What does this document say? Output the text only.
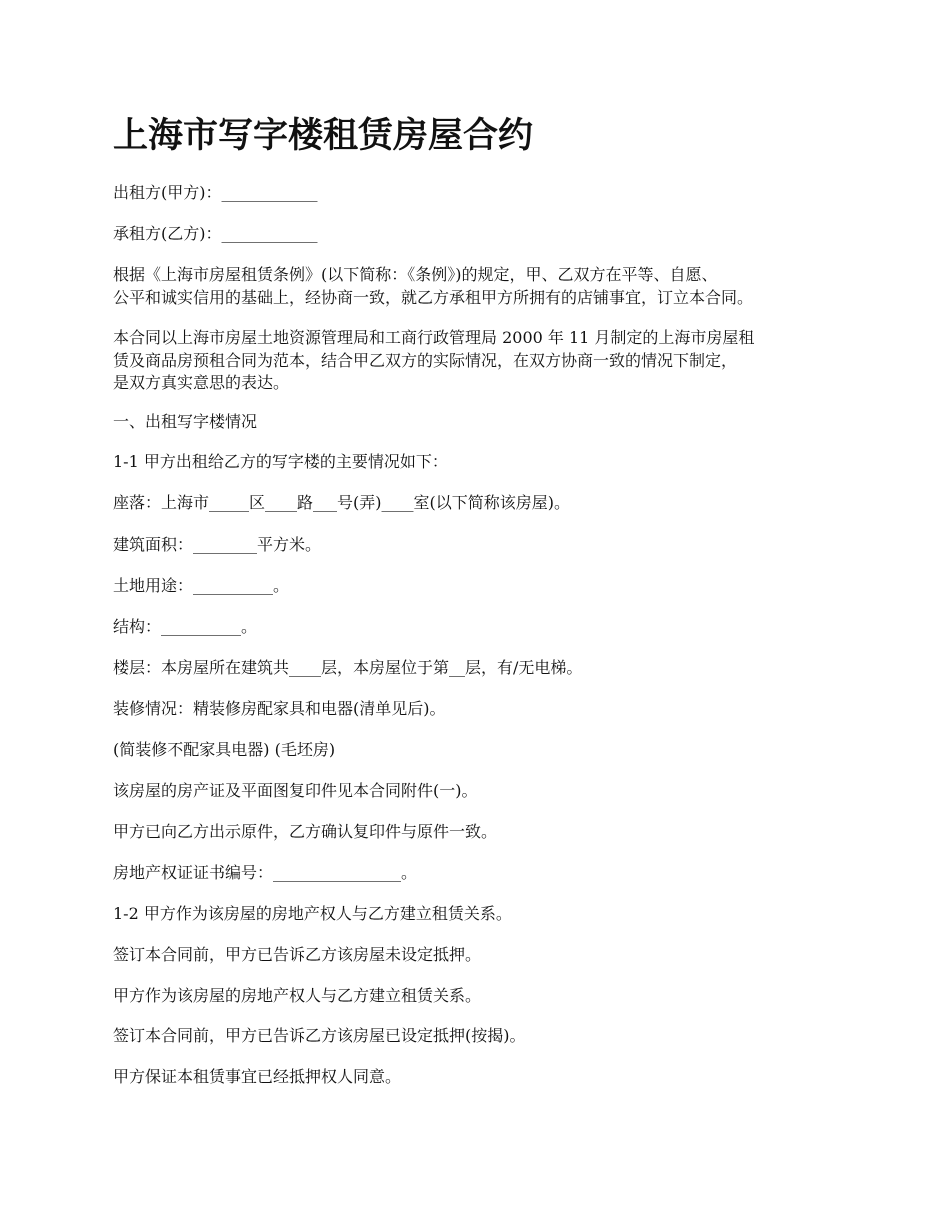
上海市写字楼租赁房屋合约

出租方(甲方)：____________

承租方(乙方)：____________

根据《上海市房屋租赁条例》(以下简称：《条例》)的规定，甲、乙双方在平等、自愿、

公平和诚实信用的基础上，经协商一致，就乙方承租甲方所拥有的店铺事宜，订立本合同。

本合同以上海市房屋土地资源管理局和工商行政管理局 2000 年 11 月制定的上海市房屋租

赁及商品房预租合同为范本，结合甲乙双方的实际情况，在双方协商一致的情况下制定，

是双方真实意思的表达。

一、出租写字楼情况

1-1 甲方出租给乙方的写字楼的主要情况如下：

座落：上海市_____区____路___号(弄)____室(以下简称该房屋)。

建筑面积：________平方米。

土地用途：__________。

结构：__________。

楼层：本房屋所在建筑共____层，本房屋位于第__层，有/无电梯。

装修情况：精装修房配家具和电器(清单见后)。

(简装修不配家具电器) (毛坯房)

该房屋的房产证及平面图复印件见本合同附件(一)。

甲方已向乙方出示原件，乙方确认复印件与原件一致。

房地产权证证书编号：________________。

1-2 甲方作为该房屋的房地产权人与乙方建立租赁关系。

签订本合同前，甲方已告诉乙方该房屋未设定抵押。

甲方作为该房屋的房地产权人与乙方建立租赁关系。

签订本合同前，甲方已告诉乙方该房屋已设定抵押(按揭)。

甲方保证本租赁事宜已经抵押权人同意。
